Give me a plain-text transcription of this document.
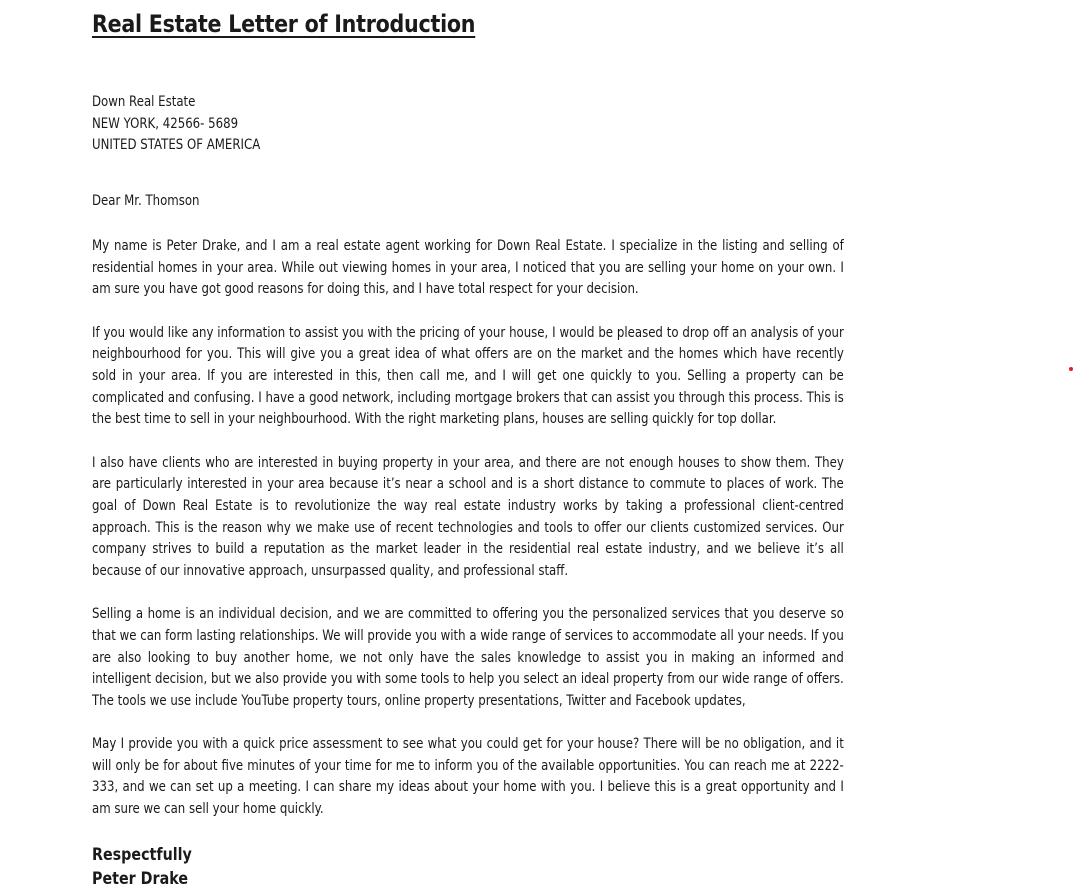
Real Estate Letter of Introduction
Down Real Estate
NEW YORK, 42566- 5689
UNITED STATES OF AMERICA
Dear Mr. Thomson

My name is Peter Drake, and I am a real estate agent working for Down Real Estate. I specialize in the listing and selling of residential homes in your area. While out viewing homes in your area, I noticed that you are selling your home on your own. I am sure you have got good reasons for doing this, and I have total respect for your decision.

If you would like any information to assist you with the pricing of your house, I would be pleased to drop off an analysis of your neighbourhood for you. This will give you a great idea of what offers are on the market and the homes which have recently sold in your area. If you are interested in this, then call me, and I will get one quickly to you. Selling a property can be complicated and confusing. I have a good network, including mortgage brokers that can assist you through this process. This is the best time to sell in your neighbourhood. With the right marketing plans, houses are selling quickly for top dollar.

I also have clients who are interested in buying property in your area, and there are not enough houses to show them. They are particularly interested in your area because it’s near a school and is a short distance to commute to places of work. The goal of Down Real Estate is to revolutionize the way real estate industry works by taking a professional client-centred approach. This is the reason why we make use of recent technologies and tools to offer our clients customized services. Our company strives to build a reputation as the market leader in the residential real estate industry, and we believe it’s all because of our innovative approach, unsurpassed quality, and professional staff.

Selling a home is an individual decision, and we are committed to offering you the personalized services that you deserve so that we can form lasting relationships. We will provide you with a wide range of services to accommodate all your needs. If you are also looking to buy another home, we not only have the sales knowledge to assist you in making an informed and intelligent decision, but we also provide you with some tools to help you select an ideal property from our wide range of offers. The tools we use include YouTube property tours, online property presentations, Twitter and Facebook updates,

May I provide you with a quick price assessment to see what you could get for your house? There will be no obligation, and it will only be for about five minutes of your time for me to inform you of the available opportunities. You can reach me at 2222-333, and we can set up a meeting. I can share my ideas about your home with you. I believe this is a great opportunity and I am sure we can sell your home quickly.

Respectfully
Peter Drake
